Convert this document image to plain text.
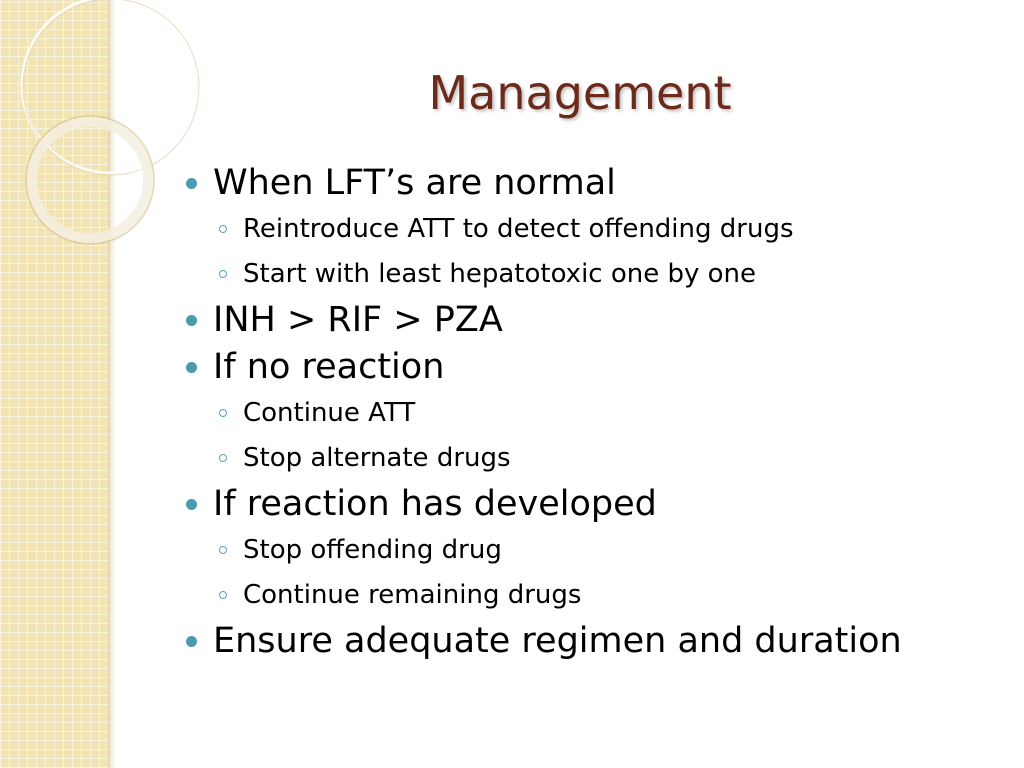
Management
When LFT’s are normal
Reintroduce ATT to detect offending drugs
Start with least hepatotoxic one by one
INH > RIF > PZA
If no reaction
Continue ATT
Stop alternate drugs
If reaction has developed
Stop offending drug
Continue remaining drugs
Ensure adequate regimen and duration
